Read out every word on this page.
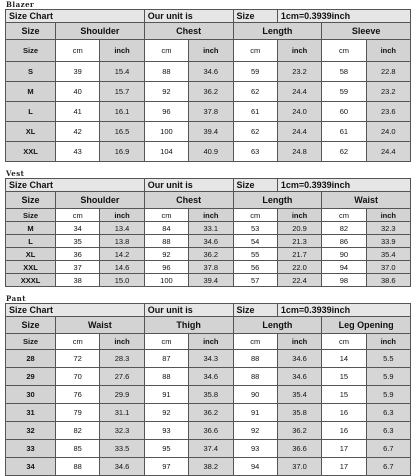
Blazer
Size Chart			Our unit is		Size	1cm=0.3939inch		
Size	Shoulder		Chest		Length		Sleeve	
Size	cm	inch	cm	inch	cm	inch	cm	inch
S	39	15.4	88	34.6	59	23.2	58	22.8
M	40	15.7	92	36.2	62	24.4	59	23.2
L	41	16.1	96	37.8	61	24.0	60	23.6
XL	42	16.5	100	39.4	62	24.4	61	24.0
XXL	43	16.9	104	40.9	63	24.8	62	24.4
Vest
Size Chart			Our unit is		Size	1cm=0.3939inch		
Size	Shoulder		Chest		Length		Waist	
Size	cm	inch	cm	inch	cm	inch	cm	inch
M	34	13.4	84	33.1	53	20.9	82	32.3
L	35	13.8	88	34.6	54	21.3	86	33.9
XL	36	14.2	92	36.2	55	21.7	90	35.4
XXL	37	14.6	96	37.8	56	22.0	94	37.0
XXXL	38	15.0	100	39.4	57	22.4	98	38.6
Pant
Size Chart			Our unit is		Size	1cm=0.3939inch		
Size	Waist		Thigh		Length		Leg Opening	
Size	cm	inch	cm	inch	cm	inch	cm	inch
28	72	28.3	87	34.3	88	34.6	14	5.5
29	70	27.6	88	34.6	88	34.6	15	5.9
30	76	29.9	91	35.8	90	35.4	15	5.9
31	79	31.1	92	36.2	91	35.8	16	6.3
32	82	32.3	93	36.6	92	36.2	16	6.3
33	85	33.5	95	37.4	93	36.6	17	6.7
34	88	34.6	97	38.2	94	37.0	17	6.7
